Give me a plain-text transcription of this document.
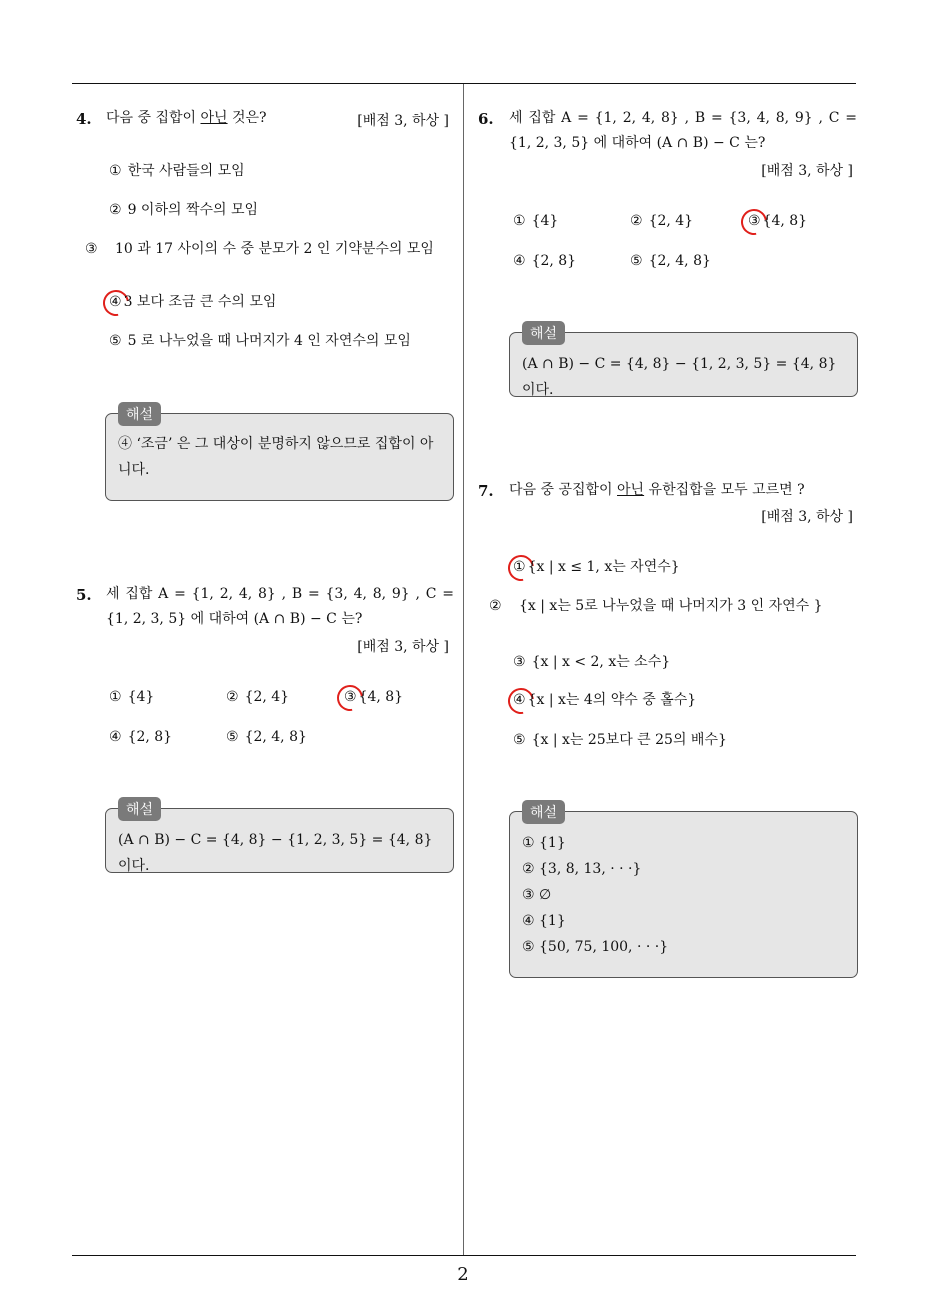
4. 다음 중 집합이 아닌 것은?	[배점 3, 하상 ]
① 한국 사람들의 모임
② 9 이하의 짝수의 모임
③ 10 과 17 사이의 수 중 분모가 2 인 기약분수의 모임
④ 3 보다 조금 큰 수의 모임
⑤ 5 로 나누었을 때 나머지가 4 인 자연수의 모임
해설
④ ‘조금’ 은 그 대상이 분명하지 않으므로 집합이 아니다.
5. 세 집합 A = {1, 2, 4, 8} , B = {3, 4, 8, 9} , C = {1, 2, 3, 5} 에 대하여 (A ∩ B) − C 는?
[배점 3, 하상 ]
① {4}	② {2, 4}	③ {4, 8}
④ {2, 8}	⑤ {2, 4, 8}
해설
(A ∩ B) − C = {4, 8} − {1, 2, 3, 5} = {4, 8} 이다.
6. 세 집합 A = {1, 2, 4, 8} , B = {3, 4, 8, 9} , C = {1, 2, 3, 5} 에 대하여 (A ∩ B) − C 는?
[배점 3, 하상 ]
① {4}	② {2, 4}	③ {4, 8}
④ {2, 8}	⑤ {2, 4, 8}
해설
(A ∩ B) − C = {4, 8} − {1, 2, 3, 5} = {4, 8} 이다.
7. 다음 중 공집합이 아닌 유한집합을 모두 고르면 ?
[배점 3, 하상 ]
① {x | x ≤ 1, x는 자연수}
② {x | x는 5로 나누었을 때 나머지가 3 인 자연수 }
③ {x | x < 2, x는 소수}
④ {x | x는 4의 약수 중 홀수}
⑤ {x | x는 25보다 큰 25의 배수}
해설
① {1}
② {3, 8, 13, · · ·}
③ ∅
④ {1}
⑤ {50, 75, 100, · · ·}
2
